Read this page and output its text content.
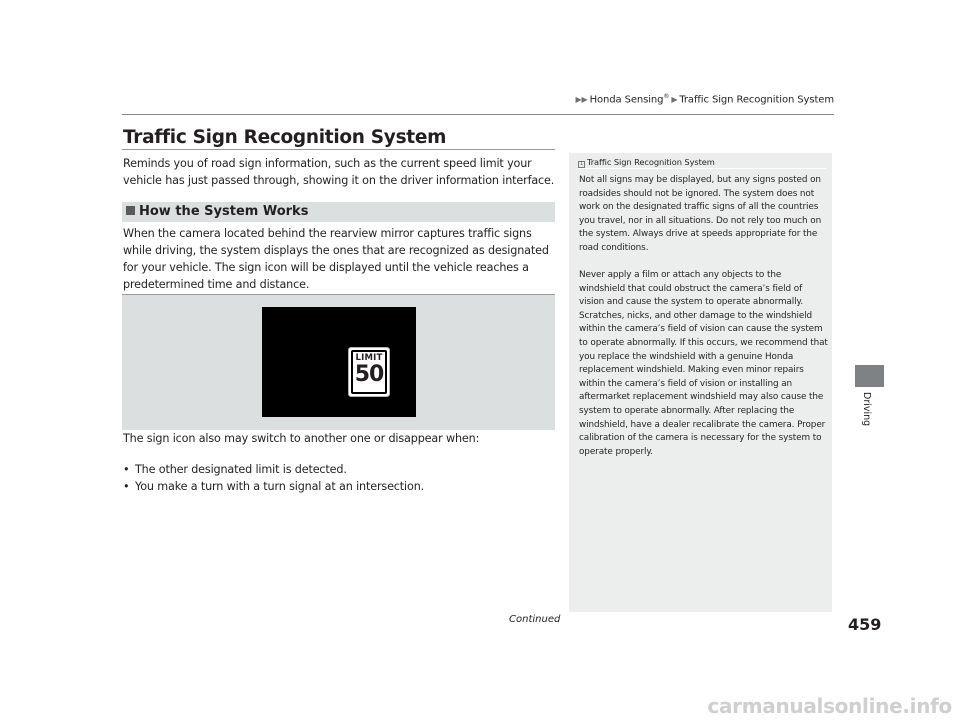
▶▶ Honda Sensing® ▶ Traffic Sign Recognition System
Traffic Sign Recognition System
Reminds you of road sign information, such as the current speed limit your vehicle has just passed through, showing it on the driver information interface.
How the System Works
When the camera located behind the rearview mirror captures traffic signs while driving, the system displays the ones that are recognized as designated for your vehicle. The sign icon will be displayed until the vehicle reaches a predetermined time and distance.
LIMIT
50
The sign icon also may switch to another one or disappear when:
• The other designated limit is detected.
• You make a turn with a turn signal at an intersection.
Continued	459
1 Traffic Sign Recognition System
Not all signs may be displayed, but any signs posted on roadsides should not be ignored. The system does not work on the designated traffic signs of all the countries you travel, nor in all situations. Do not rely too much on the system. Always drive at speeds appropriate for the road conditions.
Never apply a film or attach any objects to the windshield that could obstruct the camera’s field of vision and cause the system to operate abnormally. Scratches, nicks, and other damage to the windshield within the camera’s field of vision can cause the system to operate abnormally. If this occurs, we recommend that you replace the windshield with a genuine Honda replacement windshield. Making even minor repairs within the camera’s field of vision or installing an aftermarket replacement windshield may also cause the system to operate abnormally. After replacing the windshield, have a dealer recalibrate the camera. Proper calibration of the camera is necessary for the system to operate properly.
Driving
carmanualsonline.info
